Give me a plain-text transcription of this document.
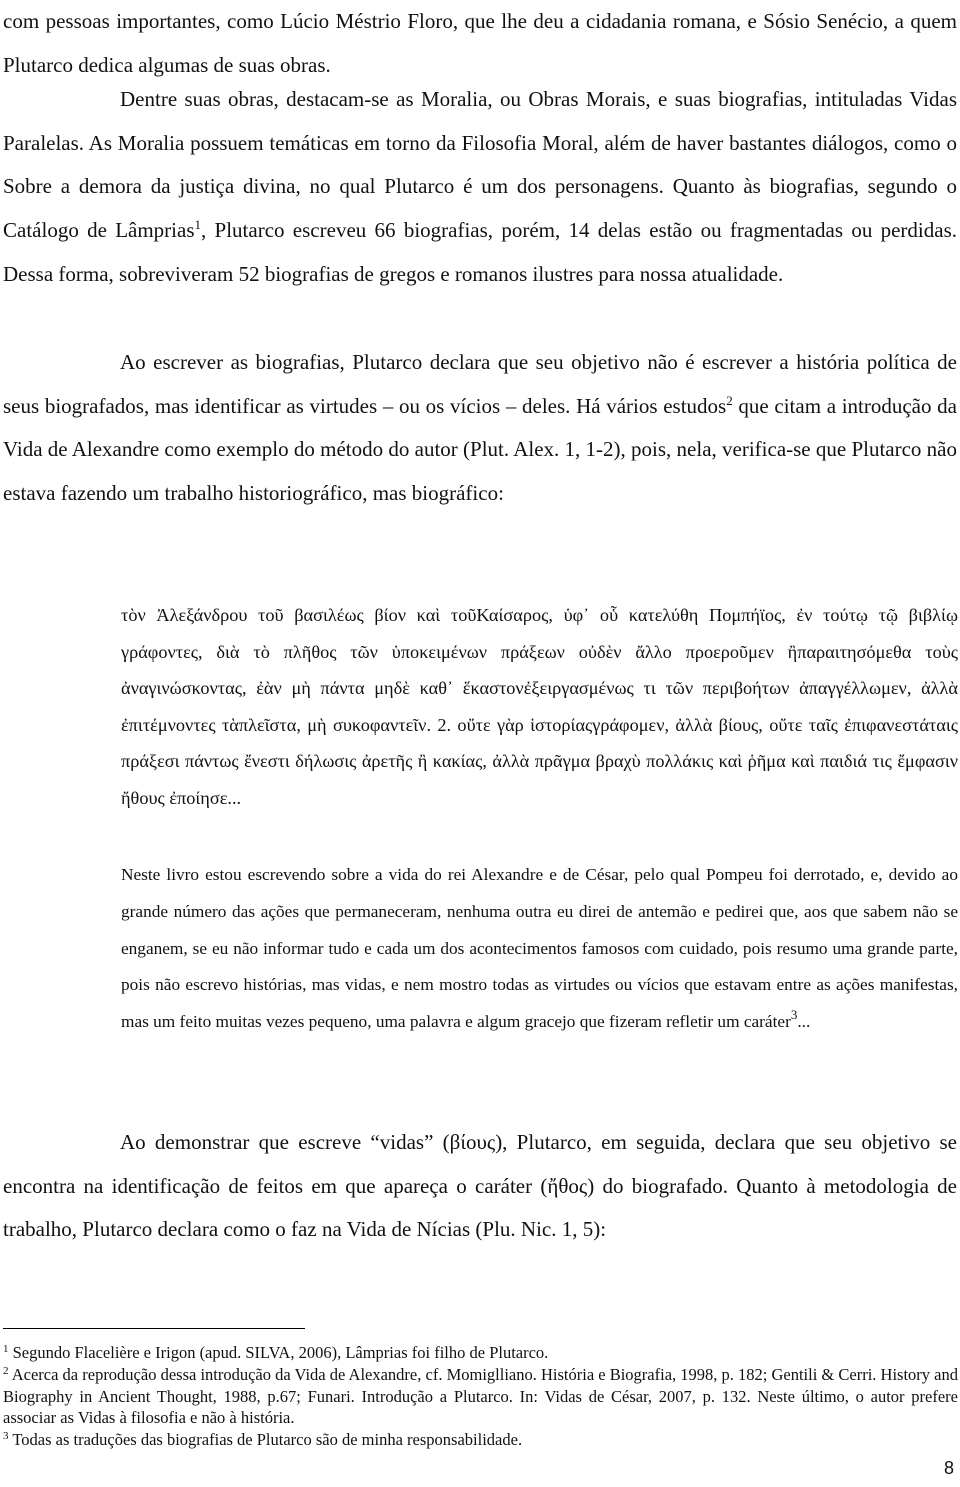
com pessoas importantes, como Lúcio Méstrio Floro, que lhe deu a cidadania romana, e Sósio Senécio, a quem Plutarco dedica algumas de suas obras.

Dentre suas obras, destacam-se as Moralia, ou Obras Morais, e suas biografias, intituladas Vidas Paralelas. As Moralia possuem temáticas em torno da Filosofia Moral, além de haver bastantes diálogos, como o Sobre a demora da justiça divina, no qual Plutarco é um dos personagens. Quanto às biografias, segundo o Catálogo de Lâmprias$^1$, Plutarco escreveu 66 biografias, porém, 14 delas estão ou fragmentadas ou perdidas. Dessa forma, sobreviveram 52 biografias de gregos e romanos ilustres para nossa atualidade.

Ao escrever as biografias, Plutarco declara que seu objetivo não é escrever a história política de seus biografados, mas identificar as virtudes – ou os vícios – deles. Há vários estudos$^2$ que citam a introdução da Vida de Alexandre como exemplo do método do autor (Plut. Alex. 1, 1-2), pois, nela, verifica-se que Plutarco não estava fazendo um trabalho historiográfico, mas biográfico:

τὸν Ἀλεξάνδρου τοῦ βασιλέως βίον καὶ τοῦΚαίσαρος, ὑφ᾽ οὗ κατελύθη Πομπήϊος, ἐν τούτῳ τῷ βιβλίῳ γράφοντες, διὰ τὸ πλῆθος τῶν ὑποκειμένων πράξεων οὐδὲν ἄλλο προεροῦμεν ἢπαραιτησόμεθα τοὺς ἀναγινώσκοντας, ἐὰν μὴ πάντα μηδὲ καθ᾽ ἕκαστονἐξειργασμένως τι τῶν περιβοήτων ἀπαγγέλλωμεν, ἀλλὰ ἐπιτέμνοντες τὰπλεῖστα, μὴ συκοφαντεῖν. 2. οὔτε γὰρ ἱστορίαςγράφομεν, ἀλλὰ βίους, οὔτε ταῖς ἐπιφανεστάταις πράξεσι πάντως ἔνεστι δήλωσις ἀρετῆς ἢ κακίας, ἀλλὰ πρᾶγμα βραχὺ πολλάκις καὶ ῥῆμα καὶ παιδιά τις ἔμφασιν ἤθους ἐποίησε...

Neste livro estou escrevendo sobre a vida do rei Alexandre e de César, pelo qual Pompeu foi derrotado, e, devido ao grande número das ações que permaneceram, nenhuma outra eu direi de antemão e pedirei que, aos que sabem não se enganem, se eu não informar tudo e cada um dos acontecimentos famosos com cuidado, pois resumo uma grande parte, pois não escrevo histórias, mas vidas, e nem mostro todas as virtudes ou vícios que estavam entre as ações manifestas, mas um feito muitas vezes pequeno, uma palavra e algum gracejo que fizeram refletir um caráter$^3$...

Ao demonstrar que escreve “vidas” (βίους), Plutarco, em seguida, declara que seu objetivo se encontra na identificação de feitos em que apareça o caráter (ἤθος) do biografado. Quanto à metodologia de trabalho, Plutarco declara como o faz na Vida de Nícias (Plu. Nic. 1, 5):

$^1$ Segundo Flacelière e Irigon (apud. SILVA, 2006), Lâmprias foi filho de Plutarco.

$^2$ Acerca da reprodução dessa introdução da Vida de Alexandre, cf. Momiglliano. História e Biografia, 1998, p. 182; Gentili & Cerri. History and Biography in Ancient Thought, 1988, p.67; Funari. Introdução a Plutarco. In: Vidas de César, 2007, p. 132. Neste último, o autor prefere associar as Vidas à filosofia e não à história.

$^3$ Todas as traduções das biografias de Plutarco são de minha responsabilidade.

8
